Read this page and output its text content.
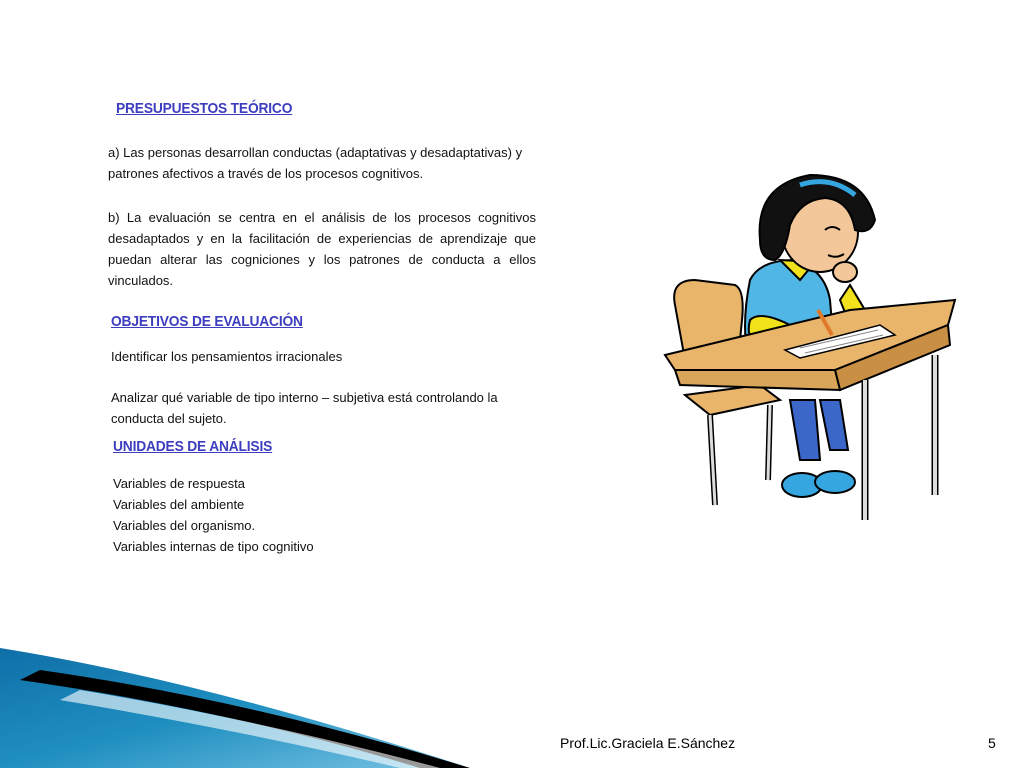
PRESUPUESTOS TEÓRICO

a) Las personas desarrollan conductas (adaptativas y desadaptativas) y patrones afectivos a través de los procesos cognitivos.

b) La evaluación se centra en el análisis de los procesos cognitivos desadaptados y en la facilitación de experiencias de aprendizaje que puedan alterar las cogniciones y los patrones de conducta a ellos vinculados.

OBJETIVOS DE EVALUACIÓN

Identificar los pensamientos irracionales

Analizar qué variable de tipo interno – subjetiva está controlando la conducta del sujeto.

UNIDADES DE ANÁLISIS
Variables de respuesta
Variables del ambiente
Variables del organismo.
Variables internas de tipo cognitivo
Prof.Lic.Graciela E.Sánchez	5
